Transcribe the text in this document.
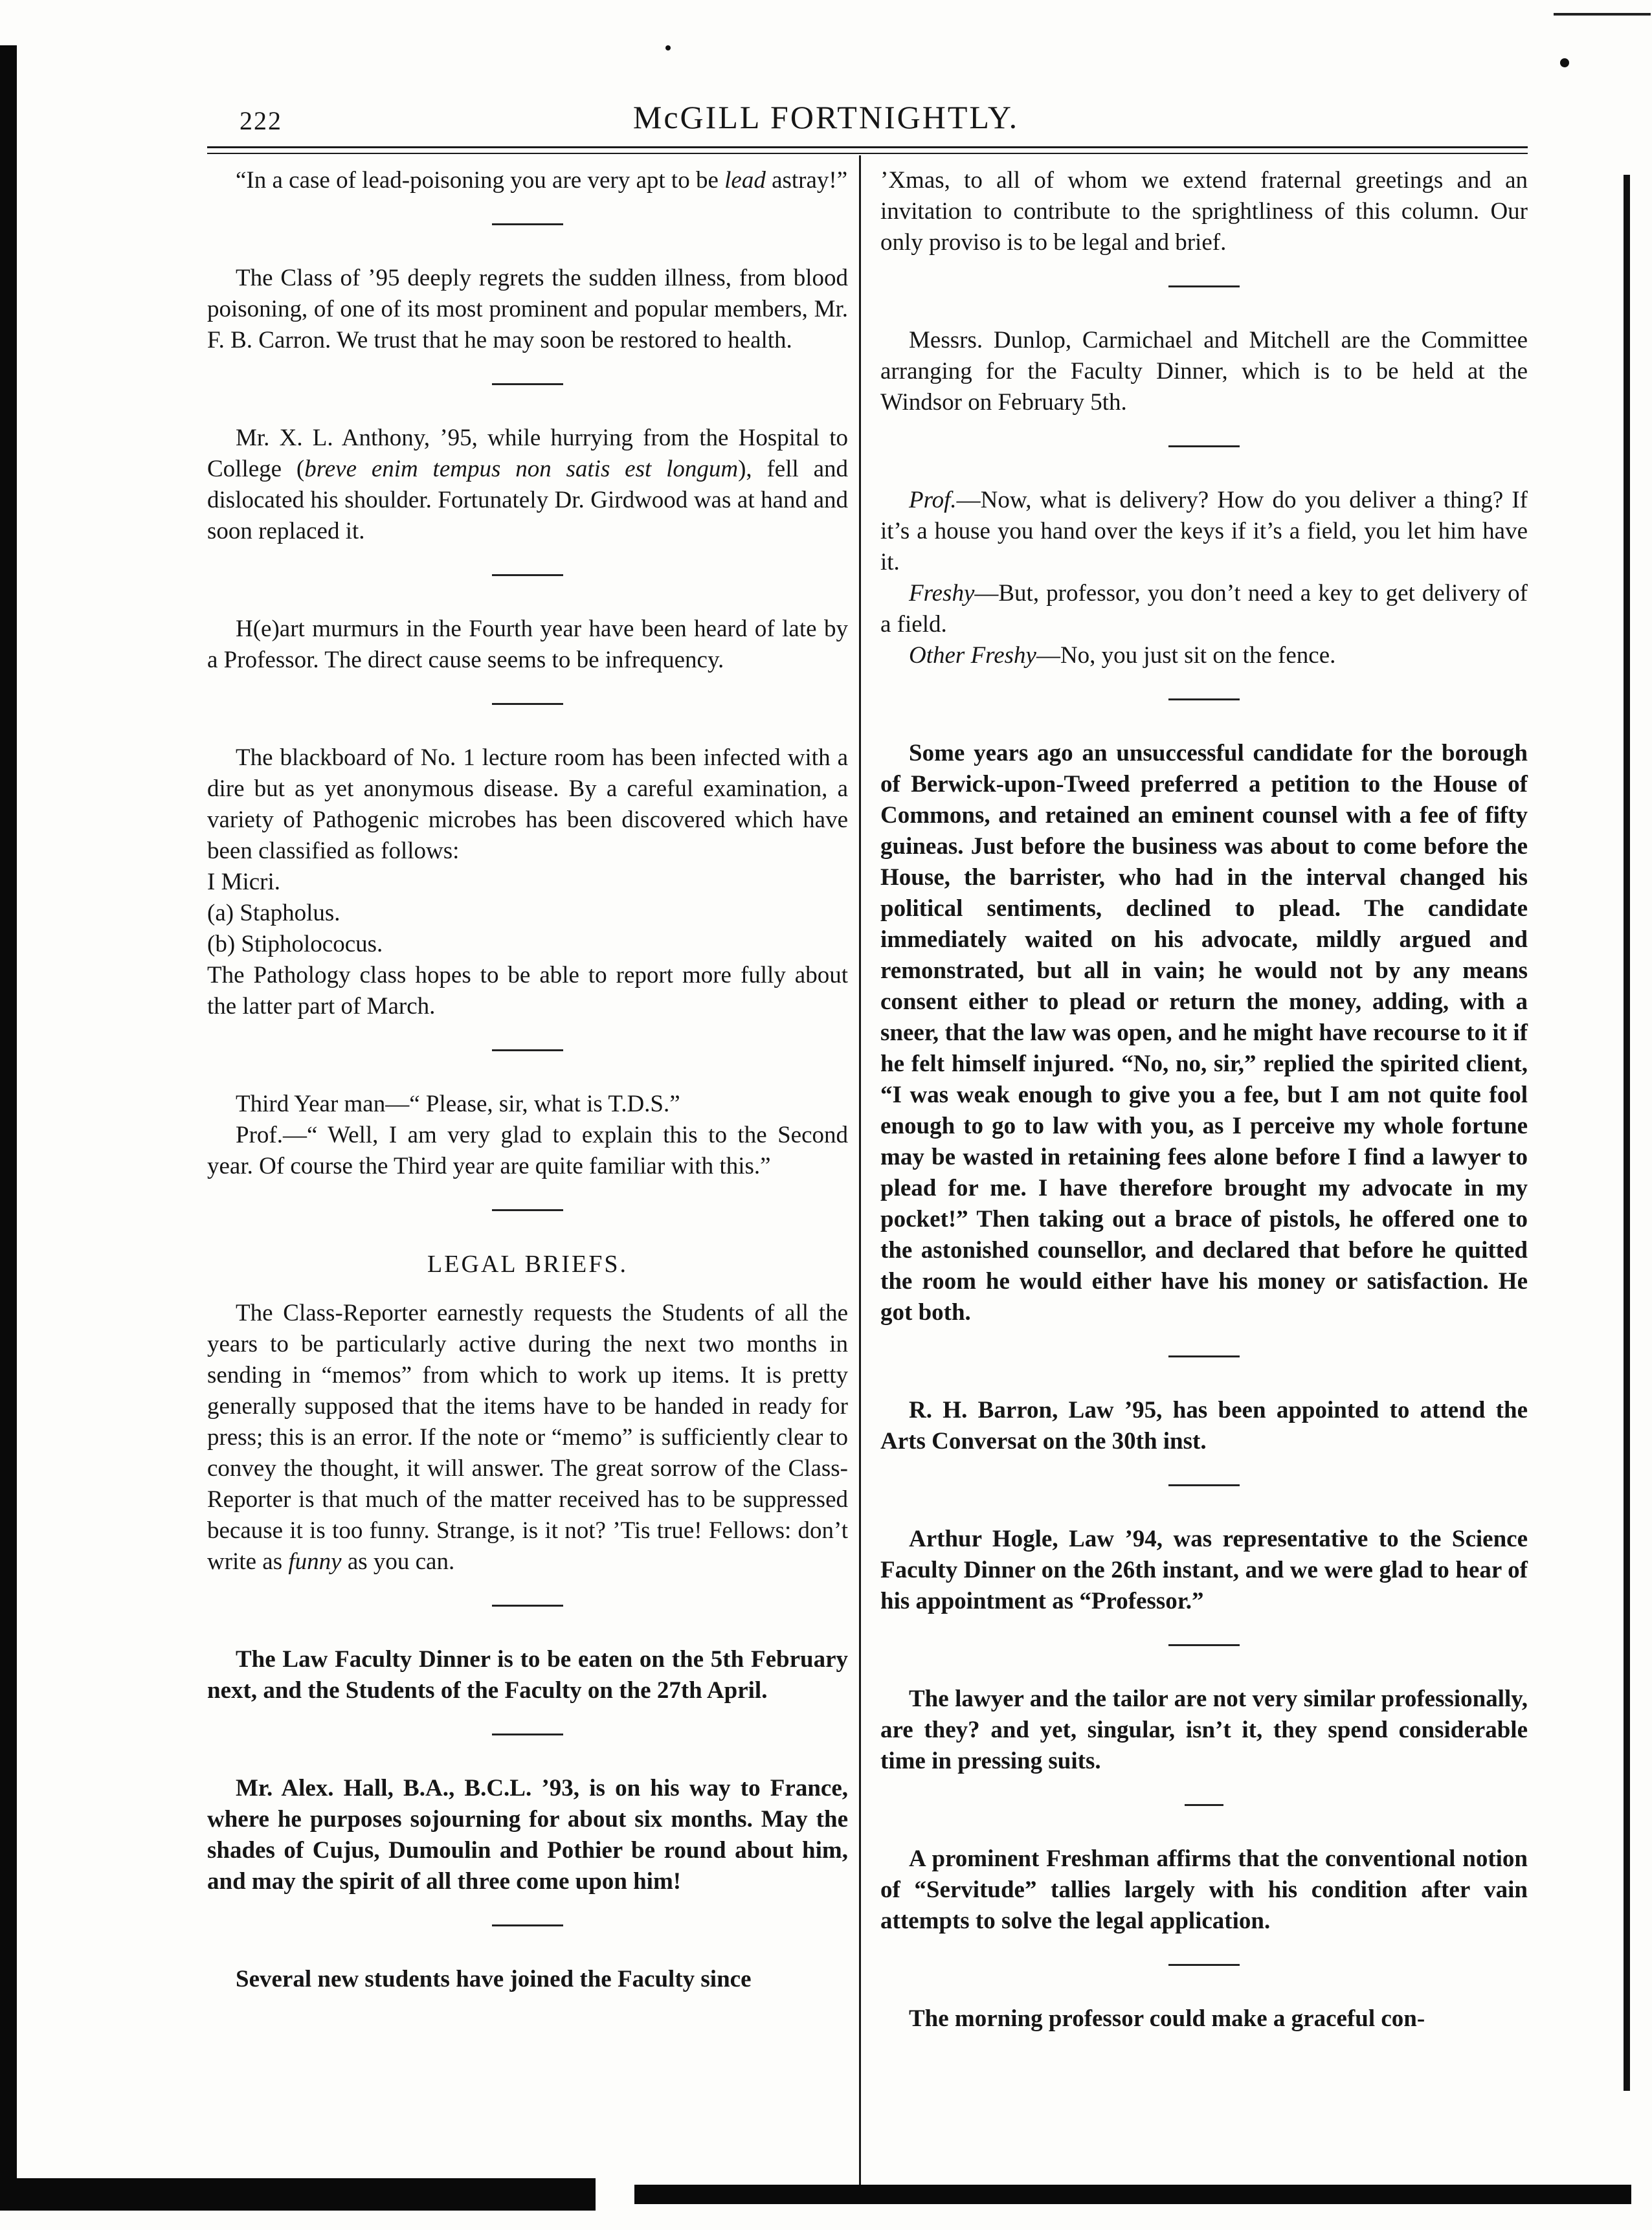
222	McGILL FORTNIGHTLY.

“In a case of lead-poisoning you are very apt to be lead astray!”

The Class of ’95 deeply regrets the sudden illness, from blood poisoning, of one of its most prominent and popular members, Mr. F. B. Carron. We trust that he may soon be restored to health.

Mr. X. L. Anthony, ’95, while hurrying from the Hospital to College (breve enim tempus non satis est longum), fell and dislocated his shoulder. Fortunately Dr. Girdwood was at hand and soon replaced it.

H(e)art murmurs in the Fourth year have been heard of late by a Professor. The direct cause seems to be infrequency.

The blackboard of No. 1 lecture room has been infected with a dire but as yet anonymous disease. By a careful examination, a variety of Pathogenic microbes has been discovered which have been classified as follows:

I Micri.

(a) Stapholus.

(b) Stipholococus.

The Pathology class hopes to be able to report more fully about the latter part of March.

Third Year man—“ Please, sir, what is T.D.S.”

Prof.—“ Well, I am very glad to explain this to the Second year. Of course the Third year are quite familiar with this.”

LEGAL BRIEFS.

The Class-Reporter earnestly requests the Students of all the years to be particularly active during the next two months in sending in “memos” from which to work up items. It is pretty generally supposed that the items have to be handed in ready for press; this is an error. If the note or “memo” is sufficiently clear to convey the thought, it will answer. The great sorrow of the Class-Reporter is that much of the matter received has to be suppressed because it is too funny. Strange, is it not? ’Tis true! Fellows: don’t write as funny as you can.

The Law Faculty Dinner is to be eaten on the 5th February next, and the Students of the Faculty on the 27th April.

Mr. Alex. Hall, B.A., B.C.L. ’93, is on his way to France, where he purposes sojourning for about six months. May the shades of Cujus, Dumoulin and Pothier be round about him, and may the spirit of all three come upon him!

Several new students have joined the Faculty since

’Xmas, to all of whom we extend fraternal greetings and an invitation to contribute to the sprightliness of this column. Our only proviso is to be legal and brief.

Messrs. Dunlop, Carmichael and Mitchell are the Committee arranging for the Faculty Dinner, which is to be held at the Windsor on February 5th.

Prof.—Now, what is delivery? How do you deliver a thing? If it’s a house you hand over the keys if it’s a field, you let him have it.

Freshy—But, professor, you don’t need a key to get delivery of a field.

Other Freshy—No, you just sit on the fence.

Some years ago an unsuccessful candidate for the borough of Berwick-upon-Tweed preferred a petition to the House of Commons, and retained an eminent counsel with a fee of fifty guineas. Just before the business was about to come before the House, the barrister, who had in the interval changed his political sentiments, declined to plead. The candidate immediately waited on his advocate, mildly argued and remonstrated, but all in vain; he would not by any means consent either to plead or return the money, adding, with a sneer, that the law was open, and he might have recourse to it if he felt himself injured. “No, no, sir,” replied the spirited client, “I was weak enough to give you a fee, but I am not quite fool enough to go to law with you, as I perceive my whole fortune may be wasted in retaining fees alone before I find a lawyer to plead for me. I have therefore brought my advocate in my pocket!” Then taking out a brace of pistols, he offered one to the astonished counsellor, and declared that before he quitted the room he would either have his money or satisfaction. He got both.

R. H. Barron, Law ’95, has been appointed to attend the Arts Conversat on the 30th inst.

Arthur Hogle, Law ’94, was representative to the Science Faculty Dinner on the 26th instant, and we were glad to hear of his appointment as “Professor.”

The lawyer and the tailor are not very similar professionally, are they? and yet, singular, isn’t it, they spend considerable time in pressing suits.

A prominent Freshman affirms that the conventional notion of “Servitude” tallies largely with his condition after vain attempts to solve the legal application.

The morning professor could make a graceful con-
